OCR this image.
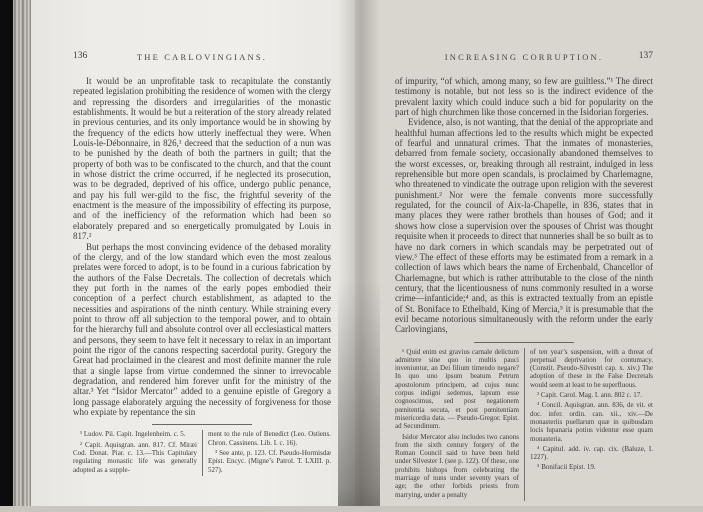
136	THE CARLOVINGIANS.

It would be an unprofitable task to recapitulate the constantly repeated legislation prohibiting the residence of women with the clergy and repressing the disorders and irregularities of the monastic establishments. It would be but a reiteration of the story already related in previous centuries, and its only importance would be in showing by the frequency of the edicts how utterly ineffectual they were. When Louis-le-Débonnaire, in 826,¹ decreed that the seduction of a nun was to be punished by the death of both the partners in guilt; that the property of both was to be confiscated to the church, and that the count in whose district the crime occurred, if he neglected its prosecution, was to be degraded, deprived of his office, undergo public penance, and pay his full wer-gild to the fisc, the frightful severity of the enactment is the measure of the impossibility of effecting its purpose, and of the inefficiency of the reformation which had been so elaborately prepared and so energetically promulgated by Louis in 817.²

But perhaps the most convincing evidence of the debased morality of the clergy, and of the low standard which even the most zealous prelates were forced to adopt, is to be found in a curious fabrication by the authors of the False Decretals. The collection of decretals which they put forth in the names of the early popes embodied their conception of a perfect church establishment, as adapted to the necessities and aspirations of the ninth century. While straining every point to throw off all subjection to the temporal power, and to obtain for the hierarchy full and absolute control over all ecclesiastical matters and persons, they seem to have felt it necessary to relax in an important point the rigor of the canons respecting sacerdotal purity. Gregory the Great had proclaimed in the clearest and most definite manner the rule that a single lapse from virtue condemned the sinner to irrevocable degradation, and rendered him forever unfit for the ministry of the altar.³ Yet “Isidor Mercator” added to a genuine epistle of Gregory a long passage elaborately arguing the necessity of forgiveness for those who expiate by repentance the sin

¹ Ludov. Pii. Capit. Ingelenheim. c. 5.

² Capit. Aquisgran. ann. 817. Cf. Miræi Cod. Donat. Piar. c. 13.—This Capitulary regulating monastic life was generally adopted as a supple-

ment to the rule of Benedict (Leo. Ostiens. Chron. Cassinens. Lib. I. c. 16).

³ See ante, p. 123. Cf. Pseudo-Hormisdæ Epist. Encyc. (Migne’s Patrol. T. LXIII. p. 527).

137
INCREASING CORRUPTION.

of impurity, “of which, among many, so few are guiltless.”¹ The direct testimony is notable, but not less so is the indirect evidence of the prevalent laxity which could induce such a bid for popularity on the part of high churchmen like those concerned in the Isidorian forgeries.

Evidence, also, is not wanting, that the denial of the appropriate and healthful human affections led to the results which might be expected of fearful and unnatural crimes. That the inmates of monasteries, debarred from female society, occasionally abandoned themselves to the worst excesses, or, breaking through all restraint, indulged in less reprehensible but more open scandals, is proclaimed by Charlemagne, who threatened to vindicate the outrage upon religion with the severest punishment.² Nor were the female convents more successfully regulated, for the council of Aix-la-Chapelle, in 836, states that in many places they were rather brothels than houses of God; and it shows how close a supervision over the spouses of Christ was thought requisite when it proceeds to direct that nunneries shall be so built as to have no dark corners in which scandals may be perpetrated out of view.³ The effect of these efforts may be estimated from a remark in a collection of laws which bears the name of Erchenbald, Chancellor of Charlemagne, but which is rather attributable to the close of the ninth century, that the licentiousness of nuns commonly resulted in a worse crime—infanticide;⁴ and, as this is extracted textually from an epistle of St. Boniface to Ethelbald, King of Mercia,⁵ it is presumable that the evil became notorious simultaneously with the reform under the early Carlovingians,

¹ Quid enim est gravius carnale delictum admittere sine quo in multis pauci inveniuntur, an Dei filium timendo negare? In quo uno ipsum beatum Petrum apostolorum principem, ad cujus nunc corpus indigni sedemus, lapsum esse cognoscimus, sed post negationem pœnitentia secuta, et post pœnitentiam misericordia data. — Pseudo-Gregor. Epist. ad Secundinum.

Isidor Mercator also includes two canons from the sixth century forgery of the Roman Council said to have been held under Silvester I. (see p. 122). Of these, one prohibits bishops from celebrating the marriage of nuns under seventy years of age; the other forbids priests from marrying, under a penalty

of ten year’s suspension, with a threat of perpetual deprivation for contumacy. (Constit. Pseudo-Silvestri cap. x. xiv.) The adoption of these in the False Decretals would seem at least to be superfluous.

² Capit. Carol. Mag. I. ann. 802 c. 17.

³ Concil. Aquisgran. ann. 836, de vit. et doc. infer. ordin. can. xii., xiv.—De monasteriis puellarum quæ in quibusdam locis lupanaria potius videntur esse quam monasteria.

⁴ Capitul. add. iv. cap. cix. (Baluze, I. 1227).

⁵ Bonifacii Epist. 19.
